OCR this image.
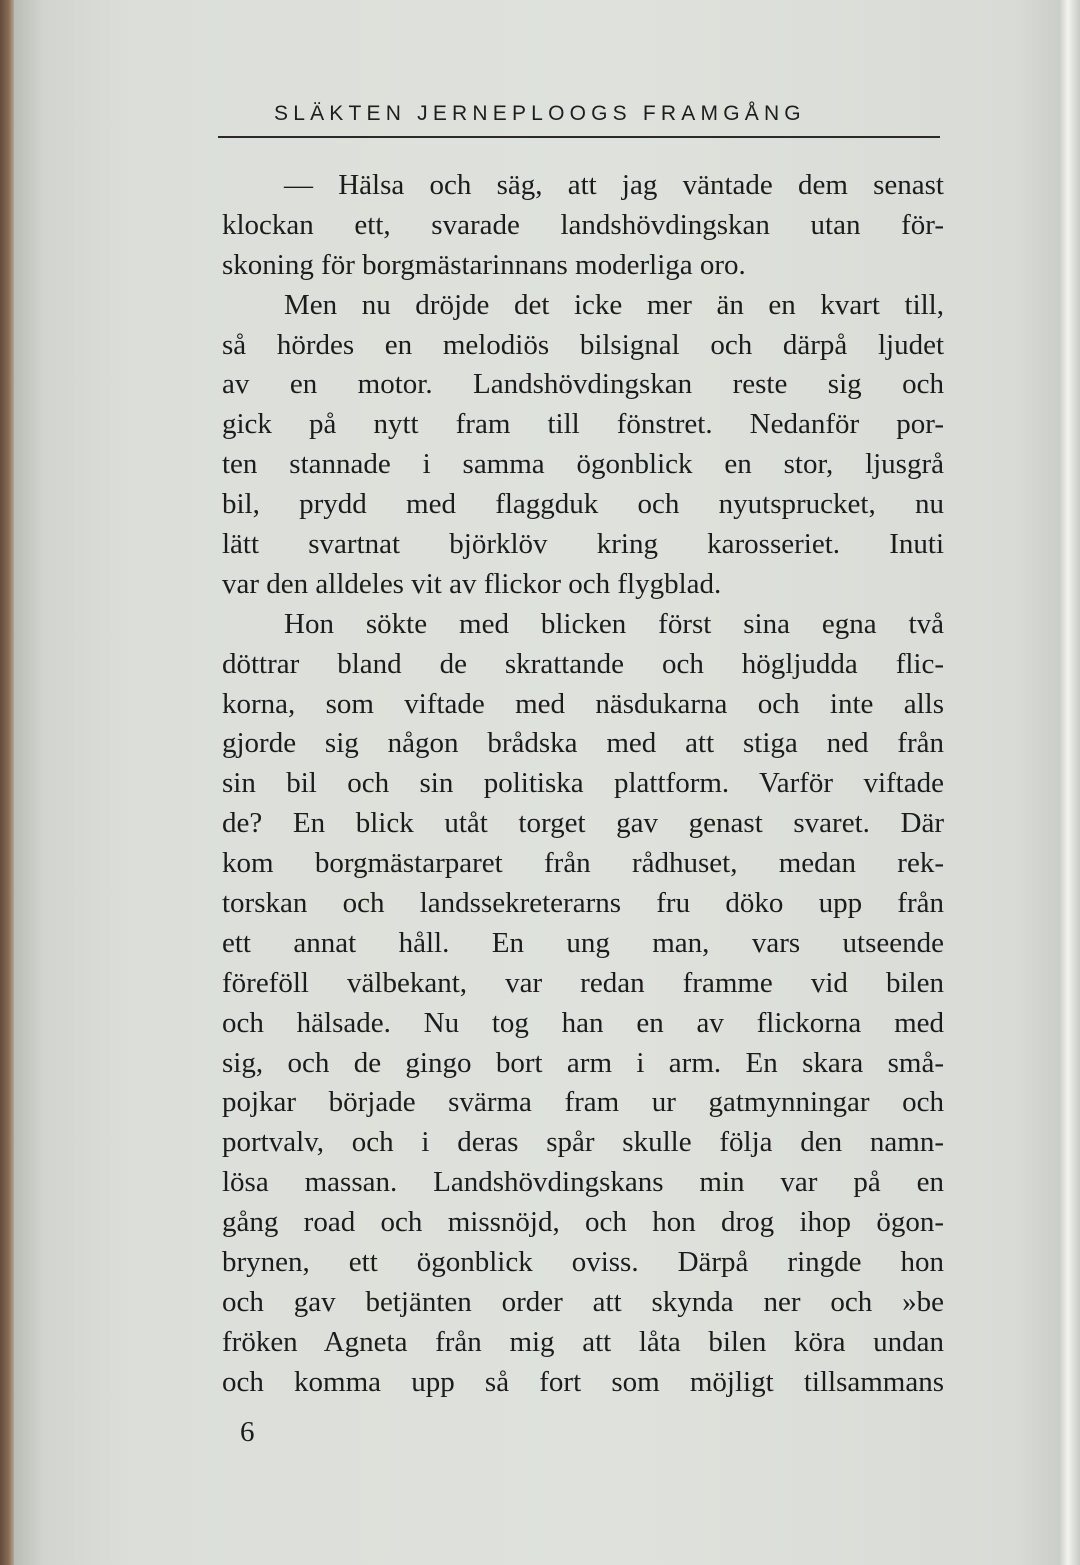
SLÄKTEN JERNEPLOOGS FRAMGÅNG
— Hälsa och säg, att jag väntade dem senast
klockan ett, svarade landshövdingskan utan för-
skoning för borgmästarinnans moderliga oro.
Men nu dröjde det icke mer än en kvart till,
så hördes en melodiös bilsignal och därpå ljudet
av en motor. Landshövdingskan reste sig och
gick på nytt fram till fönstret. Nedanför por-
ten stannade i samma ögonblick en stor, ljusgrå
bil, prydd med flaggduk och nyutsprucket, nu
lätt svartnat björklöv kring karosseriet. Inuti
var den alldeles vit av flickor och flygblad.
Hon sökte med blicken först sina egna två
döttrar bland de skrattande och högljudda flic-
korna, som viftade med näsdukarna och inte alls
gjorde sig någon brådska med att stiga ned från
sin bil och sin politiska plattform. Varför viftade
de? En blick utåt torget gav genast svaret. Där
kom borgmästarparet från rådhuset, medan rek-
torskan och landssekreterarns fru döko upp från
ett annat håll. En ung man, vars utseende
föreföll välbekant, var redan framme vid bilen
och hälsade. Nu tog han en av flickorna med
sig, och de gingo bort arm i arm. En skara små-
pojkar började svärma fram ur gatmynningar och
portvalv, och i deras spår skulle följa den namn-
lösa massan. Landshövdingskans min var på en
gång road och missnöjd, och hon drog ihop ögon-
brynen, ett ögonblick oviss. Därpå ringde hon
och gav betjänten order att skynda ner och »be
fröken Agneta från mig att låta bilen köra undan
och komma upp så fort som möjligt tillsammans
6
